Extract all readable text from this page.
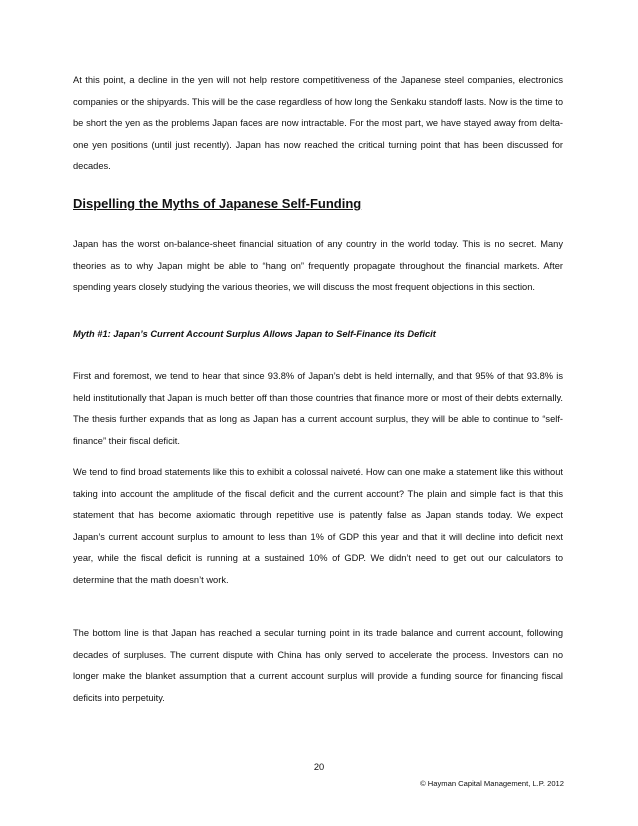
At this point, a decline in the yen will not help restore competitiveness of the Japanese steel companies, electronics companies or the shipyards. This will be the case regardless of how long the Senkaku standoff lasts. Now is the time to be short the yen as the problems Japan faces are now intractable. For the most part, we have stayed away from delta-one yen positions (until just recently). Japan has now reached the critical turning point that has been discussed for decades.

Dispelling the Myths of Japanese Self-Funding

Japan has the worst on-balance-sheet financial situation of any country in the world today. This is no secret. Many theories as to why Japan might be able to “hang on” frequently propagate throughout the financial markets. After spending years closely studying the various theories, we will discuss the most frequent objections in this section.

Myth #1: Japan’s Current Account Surplus Allows Japan to Self-Finance its Deficit

First and foremost, we tend to hear that since 93.8% of Japan’s debt is held internally, and that 95% of that 93.8% is held institutionally that Japan is much better off than those countries that finance more or most of their debts externally. The thesis further expands that as long as Japan has a current account surplus, they will be able to continue to “self-finance” their fiscal deficit.

We tend to find broad statements like this to exhibit a colossal naiveté. How can one make a statement like this without taking into account the amplitude of the fiscal deficit and the current account? The plain and simple fact is that this statement that has become axiomatic through repetitive use is patently false as Japan stands today. We expect Japan’s current account surplus to amount to less than 1% of GDP this year and that it will decline into deficit next year, while the fiscal deficit is running at a sustained 10% of GDP. We didn’t need to get out our calculators to determine that the math doesn’t work.

The bottom line is that Japan has reached a secular turning point in its trade balance and current account, following decades of surpluses. The current dispute with China has only served to accelerate the process. Investors can no longer make the blanket assumption that a current account surplus will provide a funding source for financing fiscal deficits into perpetuity.

20

© Hayman Capital Management, L.P. 2012
